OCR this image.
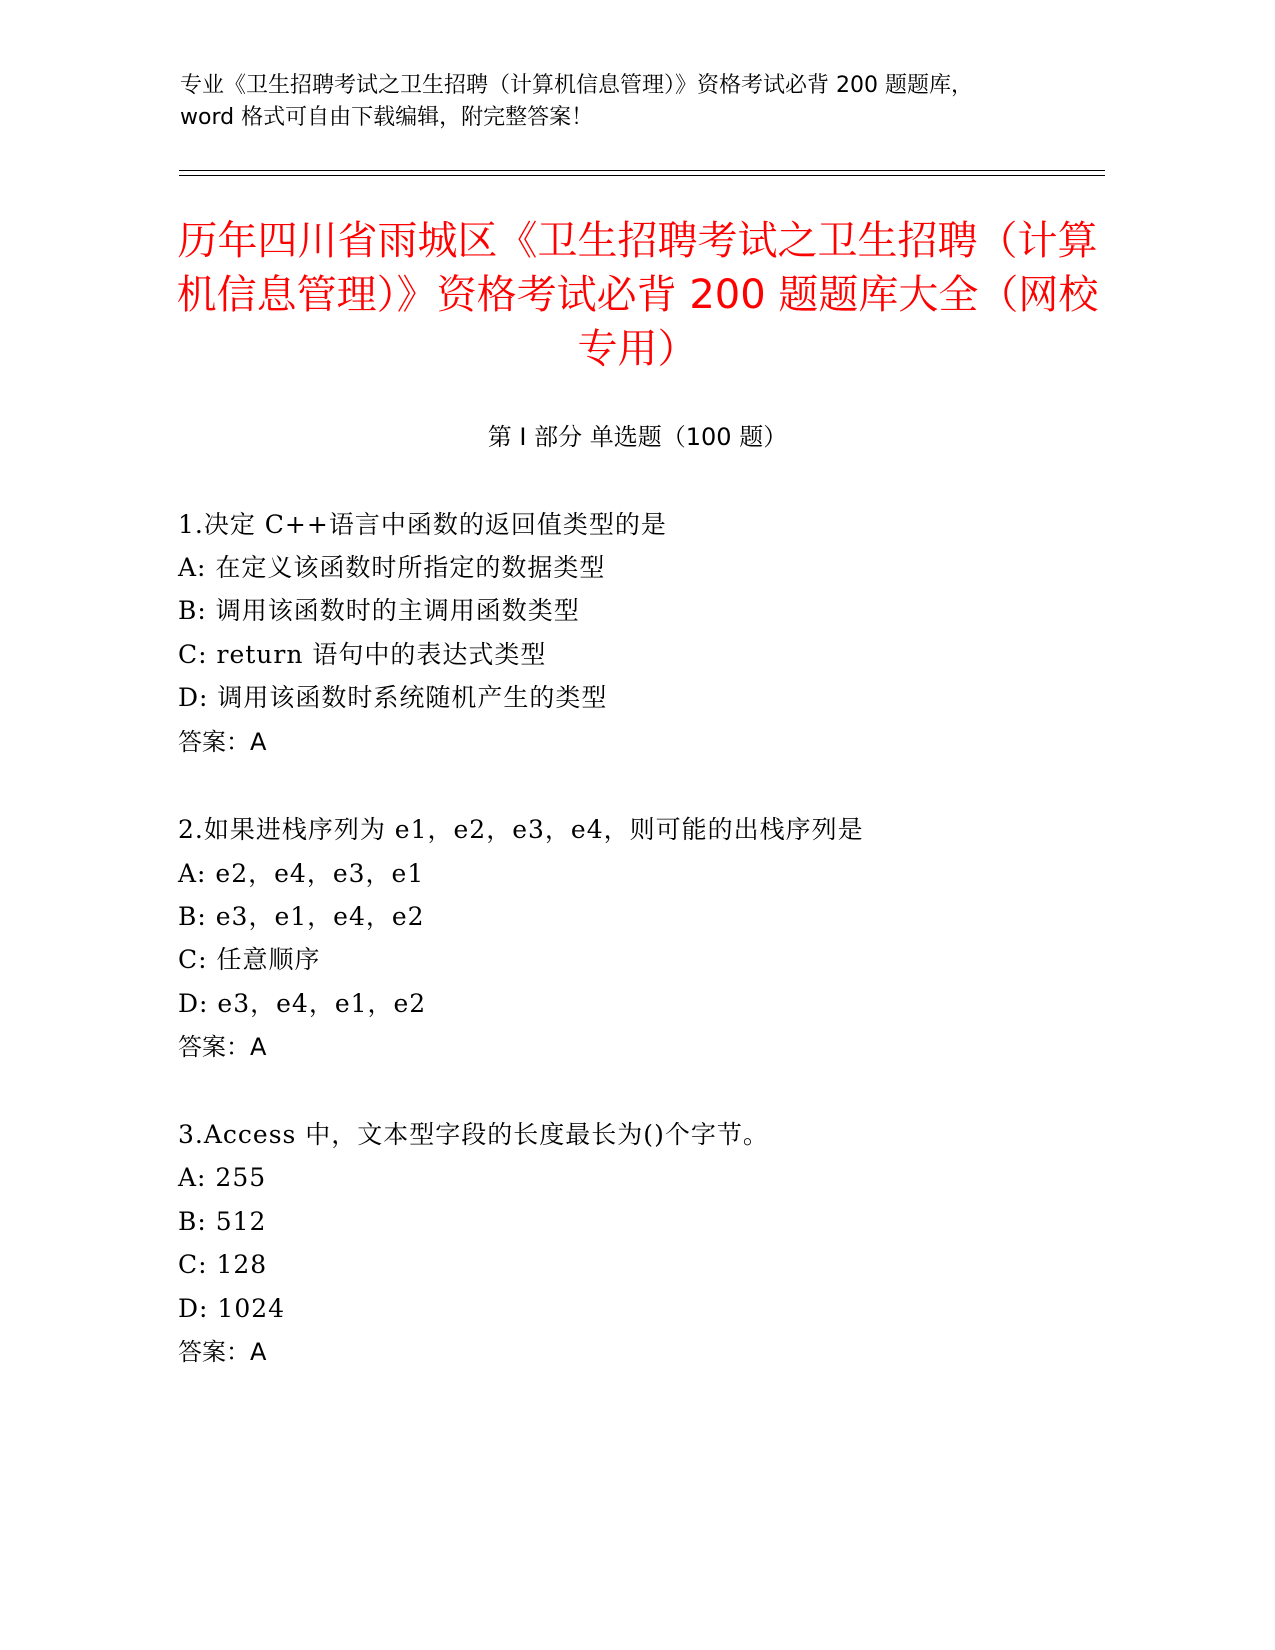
专业《卫生招聘考试之卫生招聘（计算机信息管理）》资格考试必背 200 题题库，
word 格式可自由下载编辑，附完整答案！
历年四川省雨城区《卫生招聘考试之卫生招聘（计算机信息管理）》资格考试必背 200 题题库大全（网校专用）
第 I 部分 单选题（100 题）
1.决定 C++语言中函数的返回值类型的是
A: 在定义该函数时所指定的数据类型
B: 调用该函数时的主调用函数类型
C: return 语句中的表达式类型
D: 调用该函数时系统随机产生的类型
答案：A
2.如果进栈序列为 e1，e2，e3，e4，则可能的出栈序列是
A: e2，e4，e3，e1
B: e3，e1，e4，e2
C: 任意顺序
D: e3，e4，e1，e2
答案：A
3.Access 中，文本型字段的长度最长为()个字节。
A: 255
B: 512
C: 128
D: 1024
答案：A
